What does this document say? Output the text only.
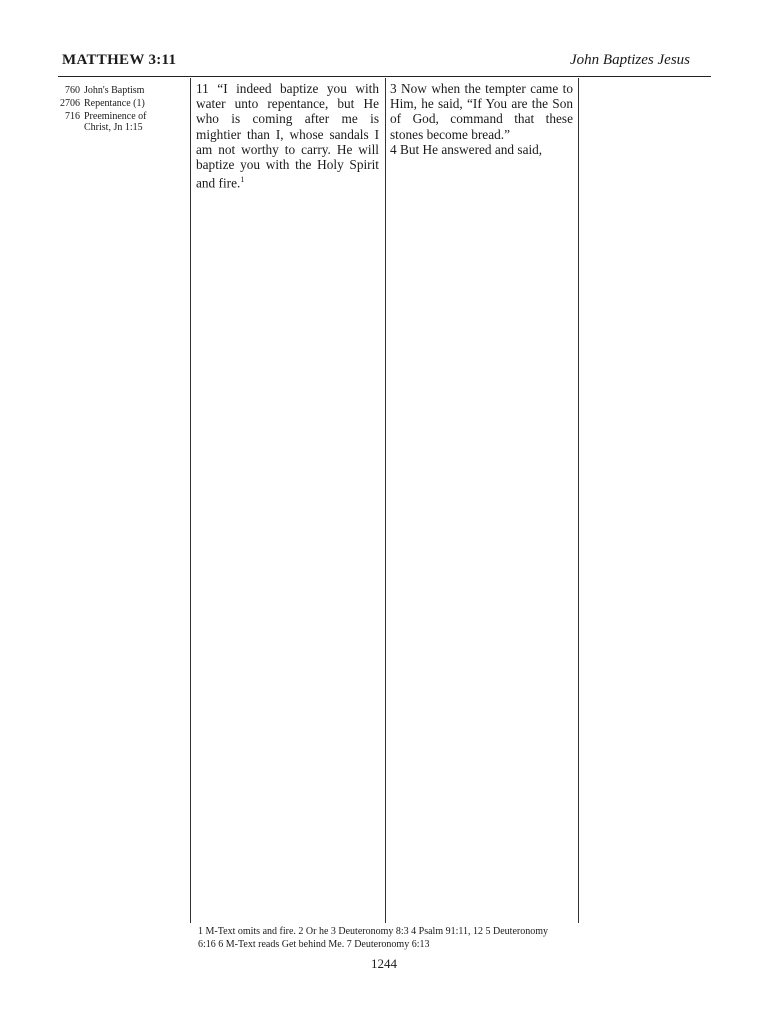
MATTHEW 3:11	John Baptizes Jesus
760 John's Baptism
2706 Repentance (1)
716 Preeminence of
Christ, Jn 1:15

11 “I indeed baptize you with water unto repentance, but He who is coming after me is mightier than I, whose sandals I am not worthy to carry. He will baptize you with the Holy Spirit and fire.$^1$

3 Now when the tempter came to Him, he said, “If You are the Son of God, command that these stones become bread.”

4 But He answered and said,

1 M-Text omits and fire. 2 Or he 3 Deuteronomy 8:3 4 Psalm 91:11, 12 5 Deuteronomy
6:16 6 M-Text reads Get behind Me. 7 Deuteronomy 6:13
1244
